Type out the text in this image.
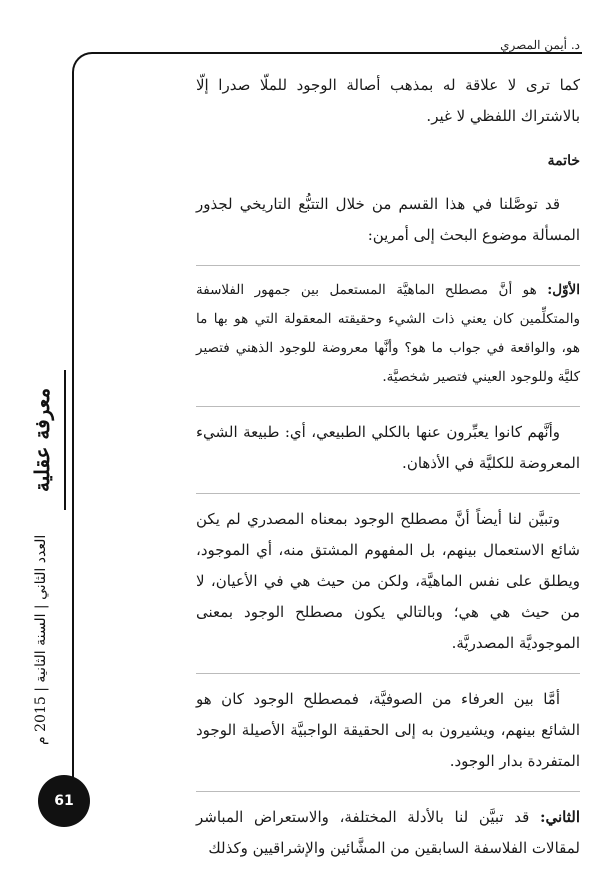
د. أيمن المصري
معرفة عقلية
العدد الثاني | السنة الثانية | 2015 م
61

كما ترى لا علاقة له بمذهب أصالة الوجود للملّا صدرا إلّا بالاشتراك اللفظي لا غير.

خاتمة

قد توصَّلنا في هذا القسم من خلال التتبُّع التاريخي لجذور المسألة موضوع البحث إلى أمرين:

الأوّل: هو أنَّ مصطلح الماهيَّة المستعمل بين جمهور الفلاسفة والمتكلِّمين كان يعني ذات الشيء وحقيقته المعقولة التي هو بها ما هو، والواقعة في جواب ما هو؟ وأنَّها معروضة للوجود الذهني فتصير كليَّة وللوجود العيني فتصير شخصيَّة.

وأنَّهم كانوا يعبِّرون عنها بالكلي الطبيعي، أي: طبيعة الشيء المعروضة للكليَّة في الأذهان.

وتبيَّن لنا أيضاً أنَّ مصطلح الوجود بمعناه المصدري لم يكن شائع الاستعمال بينهم، بل المفهوم المشتق منه، أي الموجود، ويطلق على نفس الماهيَّة، ولكن من حيث هي في الأعيان، لا من حيث هي هي؛ وبالتالي يكون مصطلح الوجود بمعنى الموجوديَّة المصدريَّة.

أمَّا بين العرفاء من الصوفيَّة، فمصطلح الوجود كان هو الشائع بينهم، ويشيرون به إلى الحقيقة الواجبيَّة الأصيلة الوجود المتفردة بدار الوجود.

الثاني: قد تبيَّن لنا بالأدلة المختلفة، والاستعراض المباشر لمقالات الفلاسفة السابقين من المشَّائين والإشراقيين وكذلك
